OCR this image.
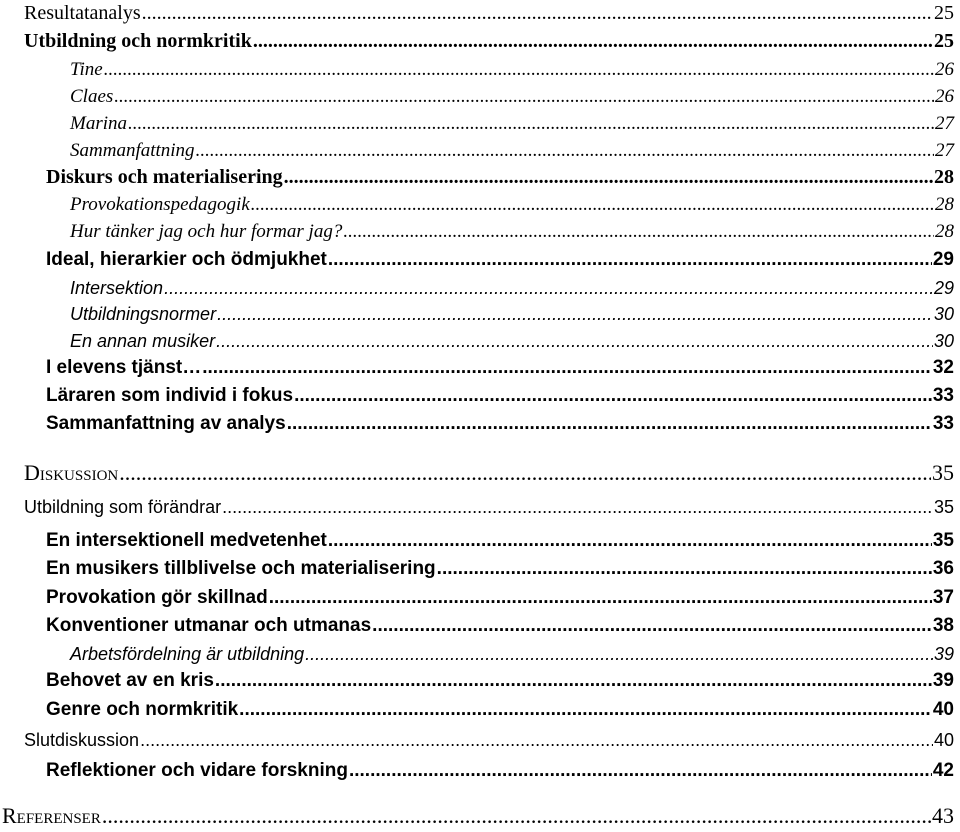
Resultatanalys .....	25
Utbildning och normkritik .....	25
Tine .....	26
Claes .....	26
Marina .....	27
Sammanfattning .....	27
Diskurs och materialisering .....	28
Provokationspedagogik .....	28
Hur tänker jag och hur formar jag? .....	28
Ideal, hierarkier och ödmjukhet .....	29
Intersektion .....	29
Utbildningsnormer .....	30
En annan musiker .....	30
I elevens tjänst… .....	32
Läraren som individ i fokus .....	33
Sammanfattning av analys .....	33
Diskussion .....	35
Utbildning som förändrar .....	35
En intersektionell medvetenhet .....	35
En musikers tillblivelse och materialisering .....	36
Provokation gör skillnad .....	37
Konventioner utmanar och utmanas .....	38
Arbetsfördelning är utbildning .....	39
Behovet av en kris .....	39
Genre och normkritik .....	40
Slutdiskussion .....	40
Reflektioner och vidare forskning .....	42
Referenser .....	43
